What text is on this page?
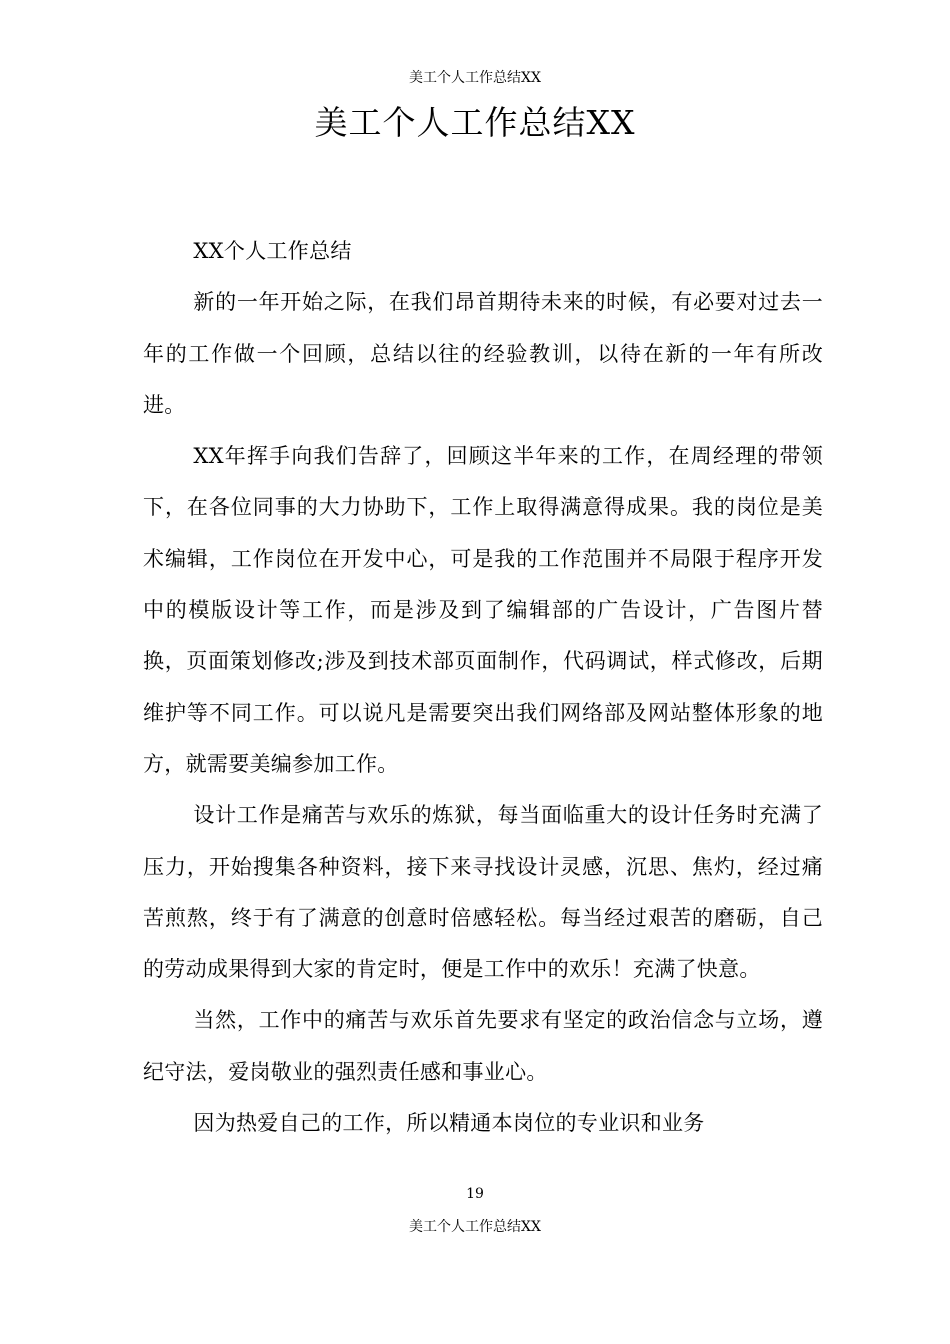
美工个人工作总结XX
美工个人工作总结XX

XX个人工作总结

新的一年开始之际，在我们昂首期待未来的时候，有必要对过去一年的工作做一个回顾，总结以往的经验教训，以待在新的一年有所改进。

XX年挥手向我们告辞了，回顾这半年来的工作，在周经理的带领下，在各位同事的大力协助下，工作上取得满意得成果。我的岗位是美术编辑，工作岗位在开发中心，可是我的工作范围并不局限于程序开发中的模版设计等工作，而是涉及到了编辑部的广告设计，广告图片替换，页面策划修改;涉及到技术部页面制作，代码调试，样式修改，后期维护等不同工作。可以说凡是需要突出我们网络部及网站整体形象的地方，就需要美编参加工作。

设计工作是痛苦与欢乐的炼狱，每当面临重大的设计任务时充满了压力，开始搜集各种资料，接下来寻找设计灵感，沉思、焦灼，经过痛苦煎熬，终于有了满意的创意时倍感轻松。每当经过艰苦的磨砺，自己的劳动成果得到大家的肯定时，便是工作中的欢乐！充满了快意。

当然，工作中的痛苦与欢乐首先要求有坚定的政治信念与立场，遵纪守法，爱岗敬业的强烈责任感和事业心。

因为热爱自己的工作，所以精通本岗位的专业识和业务

19
美工个人工作总结XX
